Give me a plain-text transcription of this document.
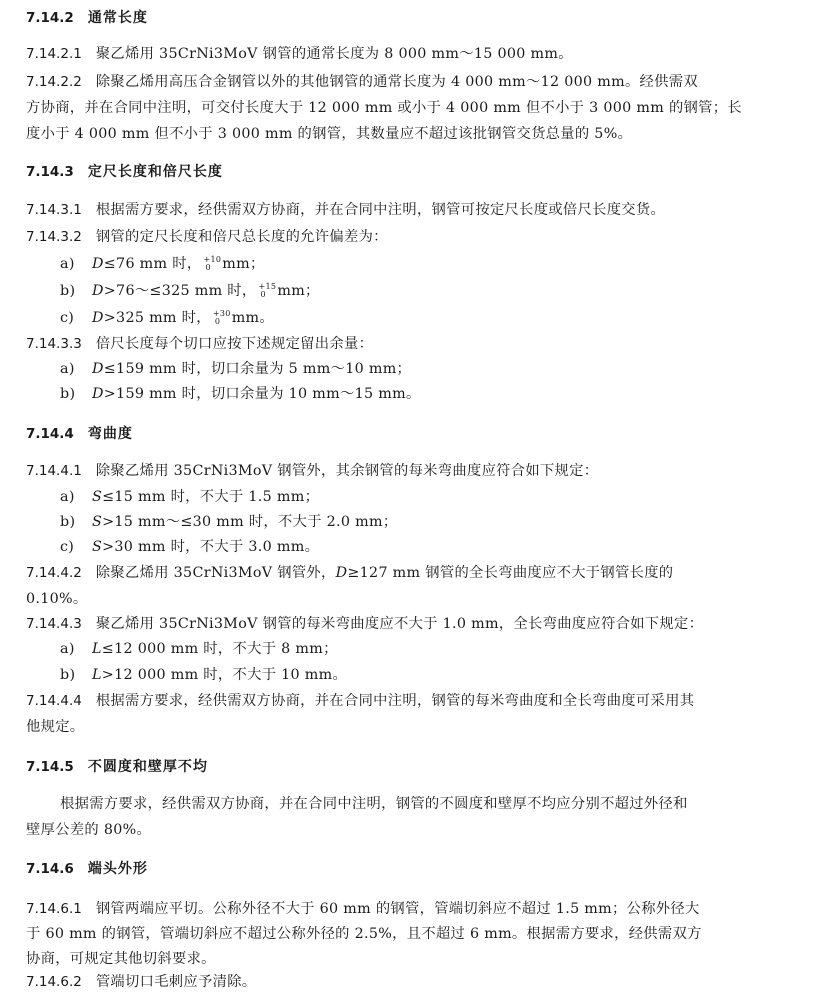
7.14.2 通常长度
7.14.2.1 聚乙烯用 35CrNi3MoV 钢管的通常长度为 8 000 mm～15 000 mm。
7.14.2.2 除聚乙烯用高压合金钢管以外的其他钢管的通常长度为 4 000 mm～12 000 mm。经供需双
方协商，并在合同中注明，可交付长度大于 12 000 mm 或小于 4 000 mm 但不小于 3 000 mm 的钢管；长
度小于 4 000 mm 但不小于 3 000 mm 的钢管，其数量应不超过该批钢管交货总量的 5%。
7.14.3 定尺长度和倍尺长度
7.14.3.1 根据需方要求，经供需双方协商，并在合同中注明，钢管可按定尺长度或倍尺长度交货。
7.14.3.2 钢管的定尺长度和倍尺总长度的允许偏差为：
a) D≤76 mm 时， +10
0 mm；
b) D>76～≤325 mm 时， +15
0 mm；
c) D>325 mm 时， +30
0 mm。
7.14.3.3 倍尺长度每个切口应按下述规定留出余量：
a) D≤159 mm 时，切口余量为 5 mm～10 mm；
b) D>159 mm 时，切口余量为 10 mm～15 mm。
7.14.4 弯曲度
7.14.4.1 除聚乙烯用 35CrNi3MoV 钢管外，其余钢管的每米弯曲度应符合如下规定：
a) S≤15 mm 时，不大于 1.5 mm；
b) S>15 mm～≤30 mm 时，不大于 2.0 mm；
c) S>30 mm 时，不大于 3.0 mm。
7.14.4.2 除聚乙烯用 35CrNi3MoV 钢管外，D≥127 mm 钢管的全长弯曲度应不大于钢管长度的
0.10%。
7.14.4.3 聚乙烯用 35CrNi3MoV 钢管的每米弯曲度应不大于 1.0 mm，全长弯曲度应符合如下规定：
a) L≤12 000 mm 时，不大于 8 mm；
b) L>12 000 mm 时，不大于 10 mm。
7.14.4.4 根据需方要求，经供需双方协商，并在合同中注明，钢管的每米弯曲度和全长弯曲度可采用其
他规定。
7.14.5 不圆度和壁厚不均
根据需方要求，经供需双方协商，并在合同中注明，钢管的不圆度和壁厚不均应分别不超过外径和
壁厚公差的 80%。
7.14.6 端头外形
7.14.6.1 钢管两端应平切。公称外径不大于 60 mm 的钢管，管端切斜应不超过 1.5 mm；公称外径大
于 60 mm 的钢管，管端切斜应不超过公称外径的 2.5%，且不超过 6 mm。根据需方要求，经供需双方
协商，可规定其他切斜要求。
7.14.6.2 管端切口毛刺应予清除。
